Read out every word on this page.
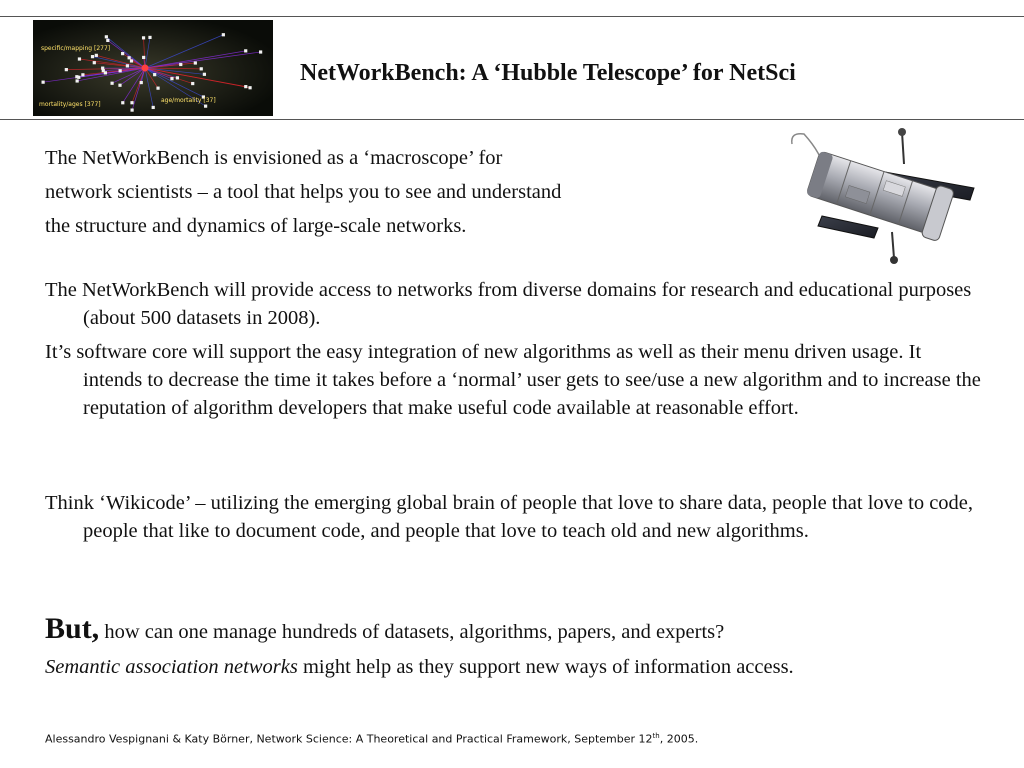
specific/mapping [277]
mortality/ages [377]
age/mortality [37]
NetWorkBench: A ‘Hubble Telescope’ for NetSci
The NetWorkBench is envisioned as a ‘macroscope’ for
network scientists – a tool that helps you to see and understand
the structure and dynamics of large-scale networks.
The NetWorkBench will provide access to networks from diverse domains for research and educational purposes (about 500 datasets in 2008).
It’s software core will support the easy integration of new algorithms as well as their menu driven usage. It intends to decrease the time it takes before a ‘normal’ user gets to see/use a new algorithm and to increase the reputation of algorithm developers that make useful code available at reasonable effort.
Think ‘Wikicode’ – utilizing the emerging global brain of people that love to share data, people that love to code, people that like to document code, and people that love to teach old and new algorithms.
But, how can one manage hundreds of datasets, algorithms, papers, and experts?
Semantic association networks might help as they support new ways of information access.
Alessandro Vespignani & Katy Börner, Network Science: A Theoretical and Practical Framework, September 12th, 2005.
